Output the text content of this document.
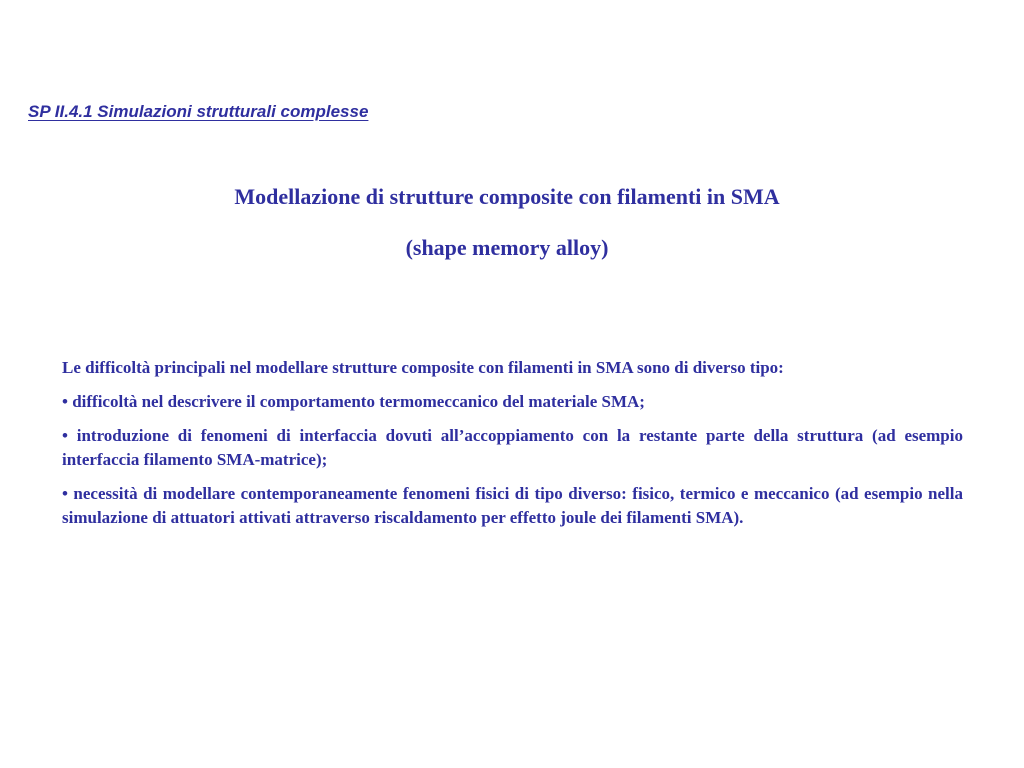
SP II.4.1 Simulazioni strutturali complesse
Modellazione di strutture composite con filamenti in SMA
(shape memory alloy)

Le difficoltà principali nel modellare strutture composite con filamenti in SMA sono di diverso tipo:

• difficoltà nel descrivere il comportamento termomeccanico del materiale SMA;

• introduzione di fenomeni di interfaccia dovuti all’accoppiamento con la restante parte della struttura (ad esempio interfaccia filamento SMA-matrice);

• necessità di modellare contemporaneamente fenomeni fisici di tipo diverso: fisico, termico e meccanico (ad esempio nella simulazione di attuatori attivati attraverso riscaldamento per effetto joule dei filamenti SMA).
